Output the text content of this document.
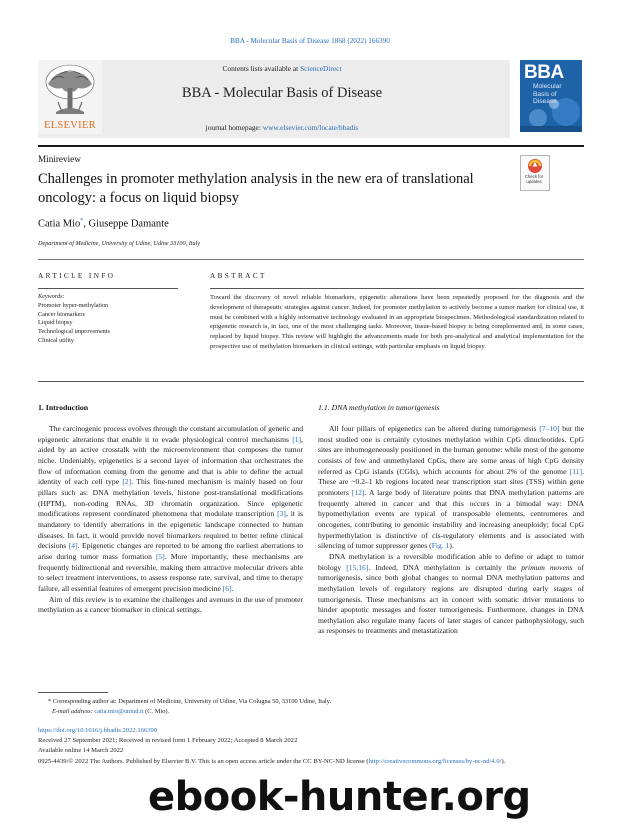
BBA - Molecular Basis of Disease 1868 (2022) 166390
ELSEVIER
Contents lists available at ScienceDirect
BBA - Molecular Basis of Disease
journal homepage: www.elsevier.com/locate/bbadis
BBA
Molecular
Basis of
Disease
Minireview
Check for
updates
Challenges in promoter methylation analysis in the new era of translational
oncology: a focus on liquid biopsy
Catia Mio*, Giuseppe Damante
Department of Medicine, University of Udine, Udine 33100, Italy
ARTICLE INFO	ABSTRACT
Keywords:
Promoter hyper-methylation
Cancer biomarkers
Liquid biopsy
Technological improvements
Clinical utility
Toward the discovery of novel reliable biomarkers, epigenetic alterations have been repeatedly proposed for the diagnosis and the development of therapeutic strategies against cancer. Indeed, for promoter methylation to actively become a tumor marker for clinical use, it must be combined with a highly informative technology evaluated in an appropriate biospecimen. Methodological standardization related to epigenetic research is, in fact, one of the most challenging tasks. Moreover, tissue-based biopsy is being complemented and, in some cases, replaced by liquid biopsy. This review will highlight the advancements made for both pre-analytical and analytical implementation for the prospective use of methylation biomarkers in clinical settings, with particular emphasis on liquid biopsy.
1. Introduction	1.1. DNA methylation in tumorigenesis

The carcinogenic process evolves through the constant accumulation of genetic and epigenetic alterations that enable it to evade physiological control mechanisms [1], aided by an active crosstalk with the microenvironment that composes the tumor niche. Undeniably, epigenetics is a second layer of information that orchestrates the flow of information coming from the genome and that is able to define the actual identity of each cell type [2]. This fine-tuned mechanism is mainly based on four pillars such as: DNA methylation levels, histone post-translational modifications (HPTM), non-coding RNAs, 3D chromatin organization. Since epigenetic modifications represent coordinated phenomena that modulate transcription [3], it is mandatory to identify aberrations in the epigenetic landscape connected to human diseases. In fact, it would provide novel biomarkers required to better refine clinical decisions [4]. Epigenetic changes are reported to be among the earliest aberrations to arise during tumor mass formation [5]. More importantly, these mechanisms are frequently bidirectional and reversible, making them attractive molecular drivers able to select treatment interventions, to assess response rate, survival, and time to therapy failure, all essential features of emergent precision medicine [6].

Aim of this review is to examine the challenges and avenues in the use of promoter methylation as a cancer biomarker in clinical settings.

All four pillars of epigenetics can be altered during tumorigenesis [7–10] but the most studied one is certainly cytosines methylation within CpG dinucleotides. CpG sites are inhomogeneously positioned in the human genome: while most of the genome consists of few and unmethylated CpGs, there are some areas of high CpG density referred as CpG islands (CGIs), which accounts for about 2% of the genome [11]. These are ~0.2–1 kb regions located near transcription start sites (TSS) within gene promoters [12]. A large body of literature points that DNA methylation patterns are frequently altered in cancer and that this occurs in a bimodal way: DNA hypomethylation events are typical of transposable elements, centromeres and oncogenes, contributing to genomic instability and increasing aneuploidy; focal CpG hypermethylation is distinctive of cis-regulatory elements and is associated with silencing of tumor suppressor genes (Fig. 1).

DNA methylation is a reversible modification able to define or adapt to tumor biology [15,16]. Indeed, DNA methylation is certainly the primum movens of tumorigenesis, since both global changes to normal DNA methylation patterns and methylation levels of regulatory regions are disrupted during early stages of tumorigenesis. These mechanisms act in concert with somatic driver mutations to hinder apoptotic messages and foster tumorigenesis. Furthermore, changes in DNA methylation also regulate many facets of later stages of cancer pathophysiology, such as responses to treatments and metastatization

* Corresponding author at: Department of Medicine, University of Udine, Via Colugna 50, 33100 Udine, Italy.
E-mail address: catia.mio@uniud.it (C. Mio).
https://doi.org/10.1016/j.bbadis.2022.166390
Received 27 September 2021; Received in revised form 1 February 2022; Accepted 8 March 2022
Available online 14 March 2022
0925-4439/© 2022 The Authors. Published by Elsevier B.V. This is an open access article under the CC BY-NC-ND license (http://creativecommons.org/licenses/by-nc-nd/4.0/).
ebook-hunter.org
